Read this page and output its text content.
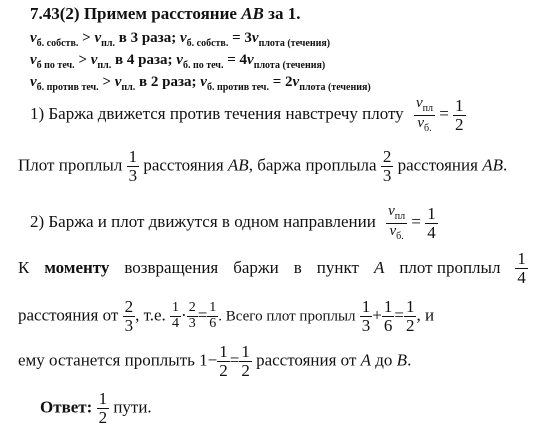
7.43(2) Примем расстояние AB за 1.
$v_{б. собств.} > v_{пл.}$ в 3 раза; $v_{б. собств.} = 3v_{плота (течения)}$
$v_{б по теч.} > v_{пл.}$ в 4 раза; $v_{б. по теч.} = 4v_{плота (течения)}$
$v_{б. против теч.} > v_{пл.}$ в 2 раза; $v_{б. против теч.} = 2v_{плота (течения)}$
1) Баржа движется против течения навстречу плоту $\frac{v_{пл}}{v_{б.}} = \frac{1}{2}$
Плот проплыл $\frac{1}{3}$ расстояния AB, баржа проплыла $\frac{2}{3}$ расстояния AB.
2) Баржа и плот движутся в одном направлении $\frac{v_{пл}}{v_{б.}} = \frac{1}{4}$
К моменту возвращения баржи в пункт A плот проплыл $\frac{1}{4}$
расстояния от $\frac{2}{3}$ , т.е. $\frac{1}{4} \cdot \frac{2}{3} = \frac{1}{6}$ . Всего плот проплыл $\frac{1}{3} + \frac{1}{6} = \frac{1}{2}$ , и
ему останется проплыть $1- \frac{1}{2} = \frac{1}{2}$ расстояния от A до B.
Ответ: $\frac{1}{2}$ пути.
